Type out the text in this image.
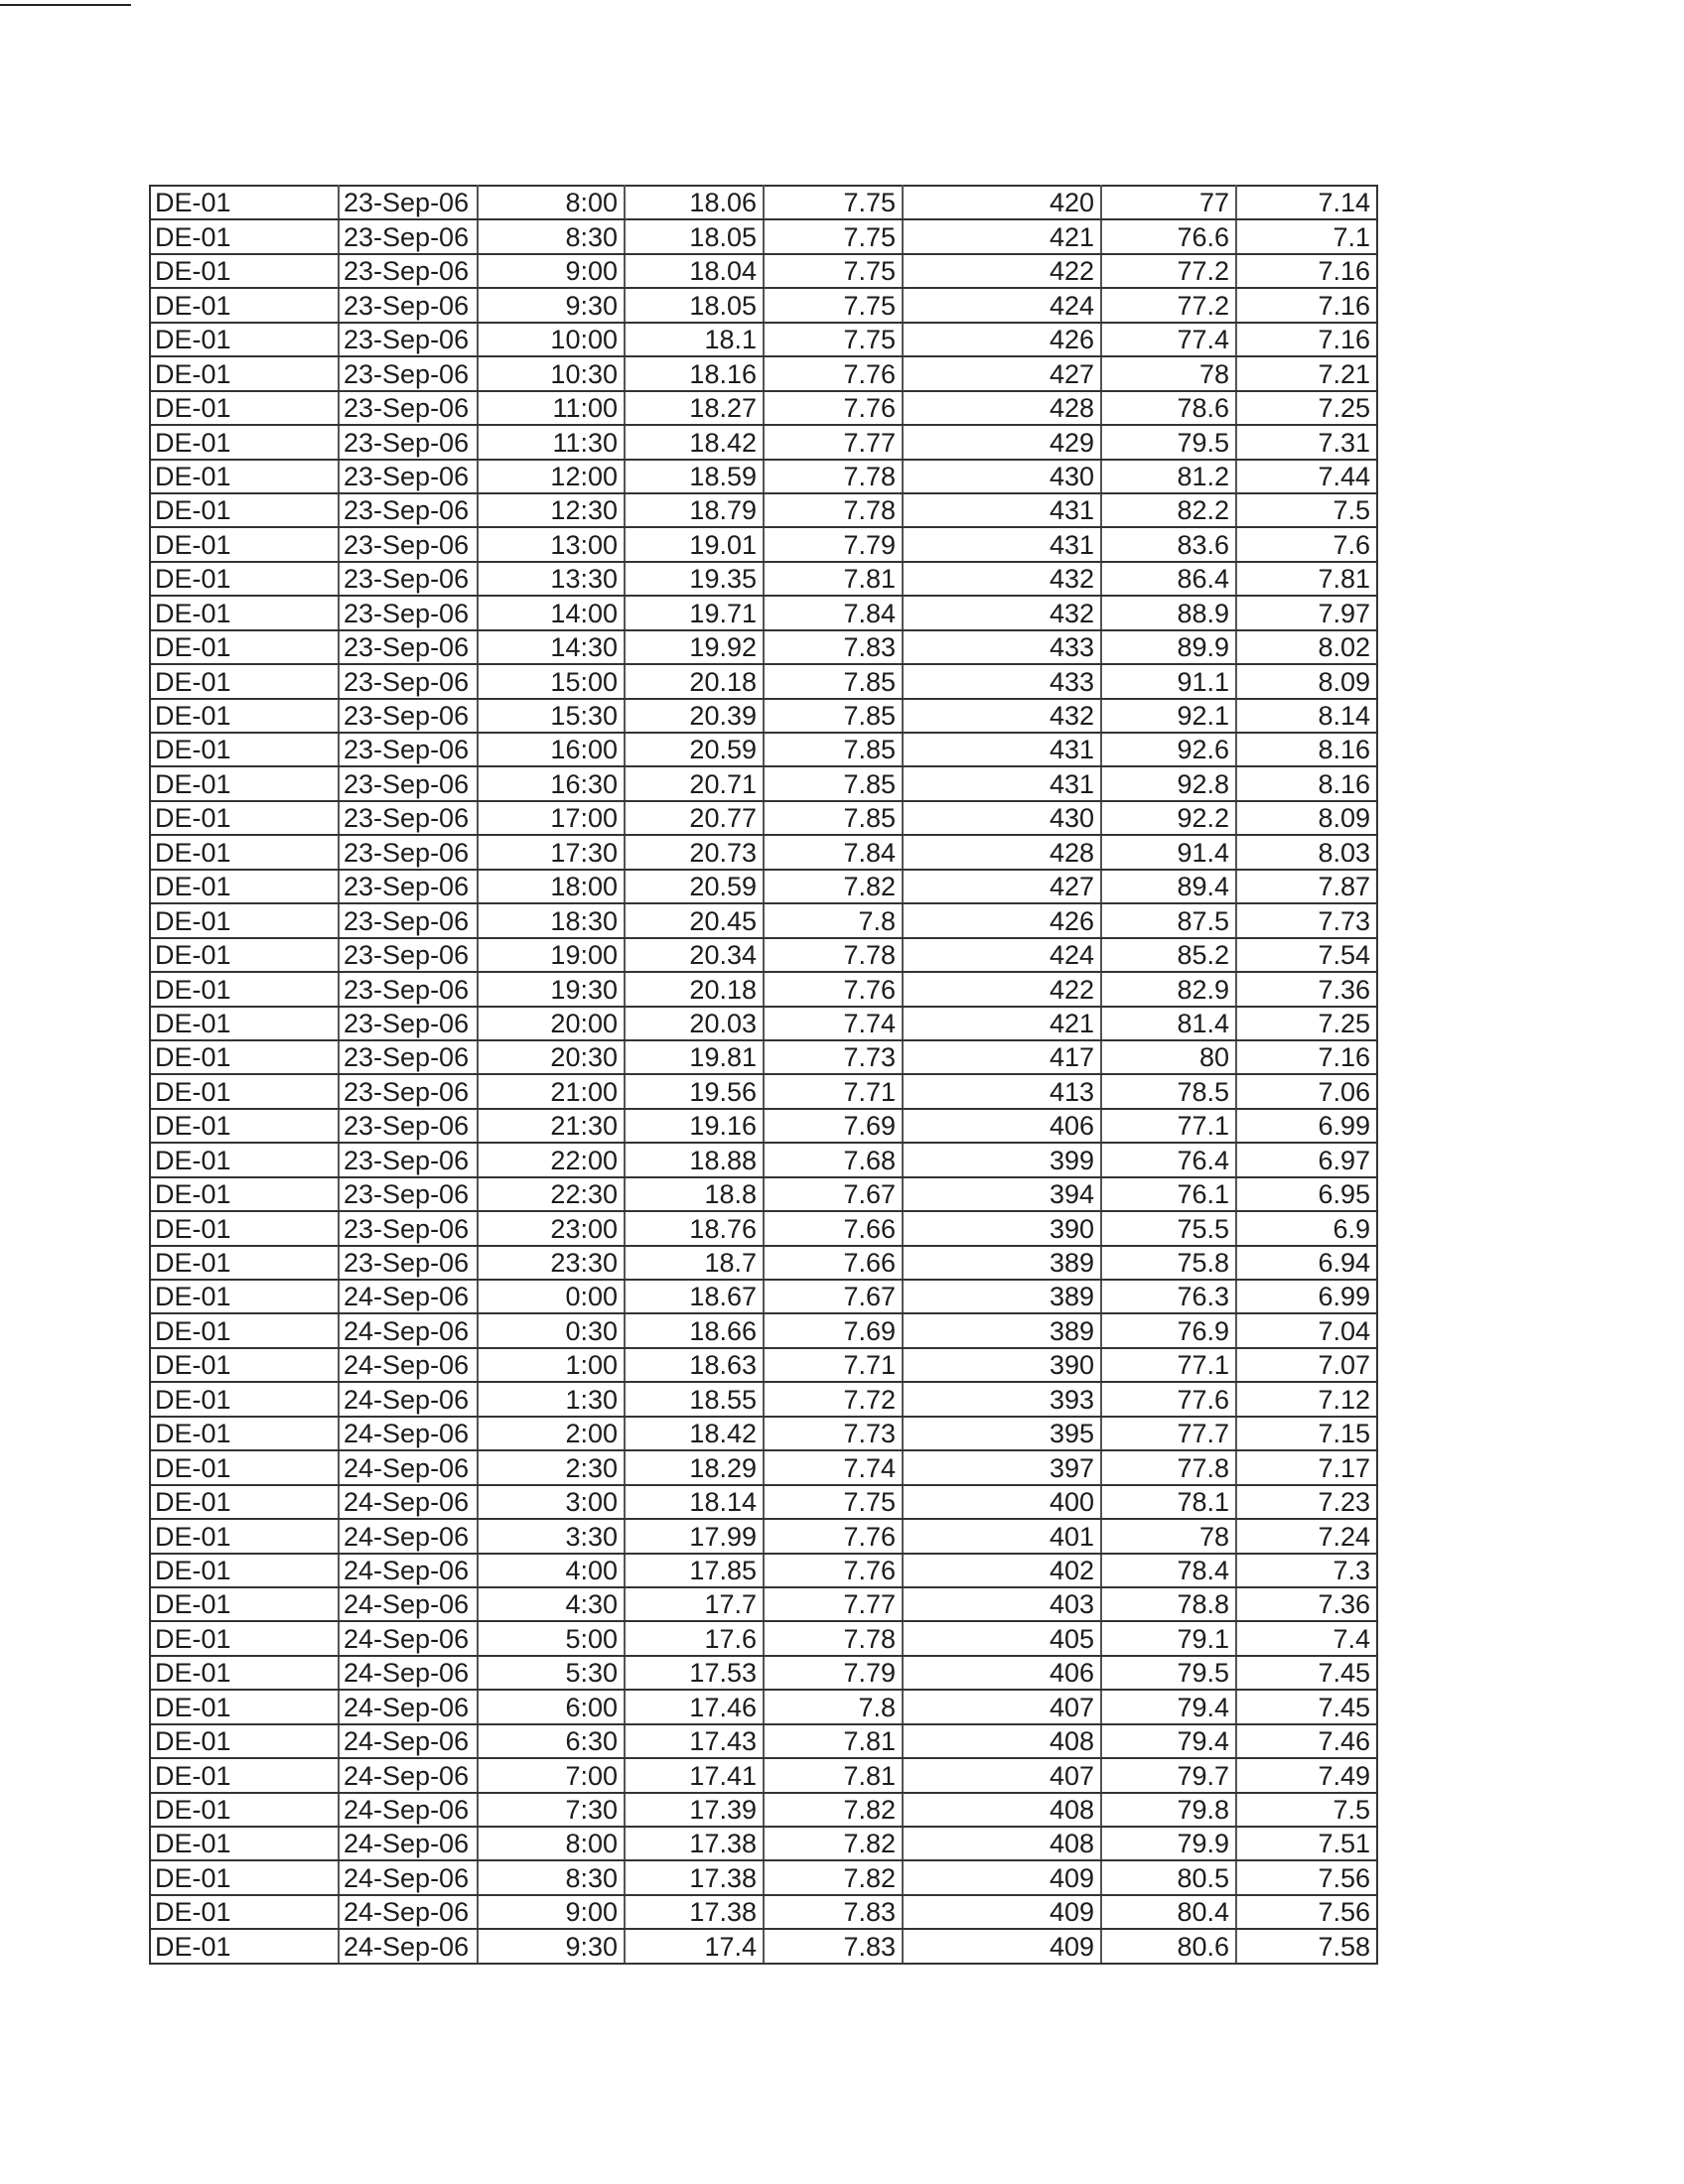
DE-01	23-Sep-06	8:00	18.06	7.75	420	77	7.14
DE-01	23-Sep-06	8:30	18.05	7.75	421	76.6	7.1
DE-01	23-Sep-06	9:00	18.04	7.75	422	77.2	7.16
DE-01	23-Sep-06	9:30	18.05	7.75	424	77.2	7.16
DE-01	23-Sep-06	10:00	18.1	7.75	426	77.4	7.16
DE-01	23-Sep-06	10:30	18.16	7.76	427	78	7.21
DE-01	23-Sep-06	11:00	18.27	7.76	428	78.6	7.25
DE-01	23-Sep-06	11:30	18.42	7.77	429	79.5	7.31
DE-01	23-Sep-06	12:00	18.59	7.78	430	81.2	7.44
DE-01	23-Sep-06	12:30	18.79	7.78	431	82.2	7.5
DE-01	23-Sep-06	13:00	19.01	7.79	431	83.6	7.6
DE-01	23-Sep-06	13:30	19.35	7.81	432	86.4	7.81
DE-01	23-Sep-06	14:00	19.71	7.84	432	88.9	7.97
DE-01	23-Sep-06	14:30	19.92	7.83	433	89.9	8.02
DE-01	23-Sep-06	15:00	20.18	7.85	433	91.1	8.09
DE-01	23-Sep-06	15:30	20.39	7.85	432	92.1	8.14
DE-01	23-Sep-06	16:00	20.59	7.85	431	92.6	8.16
DE-01	23-Sep-06	16:30	20.71	7.85	431	92.8	8.16
DE-01	23-Sep-06	17:00	20.77	7.85	430	92.2	8.09
DE-01	23-Sep-06	17:30	20.73	7.84	428	91.4	8.03
DE-01	23-Sep-06	18:00	20.59	7.82	427	89.4	7.87
DE-01	23-Sep-06	18:30	20.45	7.8	426	87.5	7.73
DE-01	23-Sep-06	19:00	20.34	7.78	424	85.2	7.54
DE-01	23-Sep-06	19:30	20.18	7.76	422	82.9	7.36
DE-01	23-Sep-06	20:00	20.03	7.74	421	81.4	7.25
DE-01	23-Sep-06	20:30	19.81	7.73	417	80	7.16
DE-01	23-Sep-06	21:00	19.56	7.71	413	78.5	7.06
DE-01	23-Sep-06	21:30	19.16	7.69	406	77.1	6.99
DE-01	23-Sep-06	22:00	18.88	7.68	399	76.4	6.97
DE-01	23-Sep-06	22:30	18.8	7.67	394	76.1	6.95
DE-01	23-Sep-06	23:00	18.76	7.66	390	75.5	6.9
DE-01	23-Sep-06	23:30	18.7	7.66	389	75.8	6.94
DE-01	24-Sep-06	0:00	18.67	7.67	389	76.3	6.99
DE-01	24-Sep-06	0:30	18.66	7.69	389	76.9	7.04
DE-01	24-Sep-06	1:00	18.63	7.71	390	77.1	7.07
DE-01	24-Sep-06	1:30	18.55	7.72	393	77.6	7.12
DE-01	24-Sep-06	2:00	18.42	7.73	395	77.7	7.15
DE-01	24-Sep-06	2:30	18.29	7.74	397	77.8	7.17
DE-01	24-Sep-06	3:00	18.14	7.75	400	78.1	7.23
DE-01	24-Sep-06	3:30	17.99	7.76	401	78	7.24
DE-01	24-Sep-06	4:00	17.85	7.76	402	78.4	7.3
DE-01	24-Sep-06	4:30	17.7	7.77	403	78.8	7.36
DE-01	24-Sep-06	5:00	17.6	7.78	405	79.1	7.4
DE-01	24-Sep-06	5:30	17.53	7.79	406	79.5	7.45
DE-01	24-Sep-06	6:00	17.46	7.8	407	79.4	7.45
DE-01	24-Sep-06	6:30	17.43	7.81	408	79.4	7.46
DE-01	24-Sep-06	7:00	17.41	7.81	407	79.7	7.49
DE-01	24-Sep-06	7:30	17.39	7.82	408	79.8	7.5
DE-01	24-Sep-06	8:00	17.38	7.82	408	79.9	7.51
DE-01	24-Sep-06	8:30	17.38	7.82	409	80.5	7.56
DE-01	24-Sep-06	9:00	17.38	7.83	409	80.4	7.56
DE-01	24-Sep-06	9:30	17.4	7.83	409	80.6	7.58
